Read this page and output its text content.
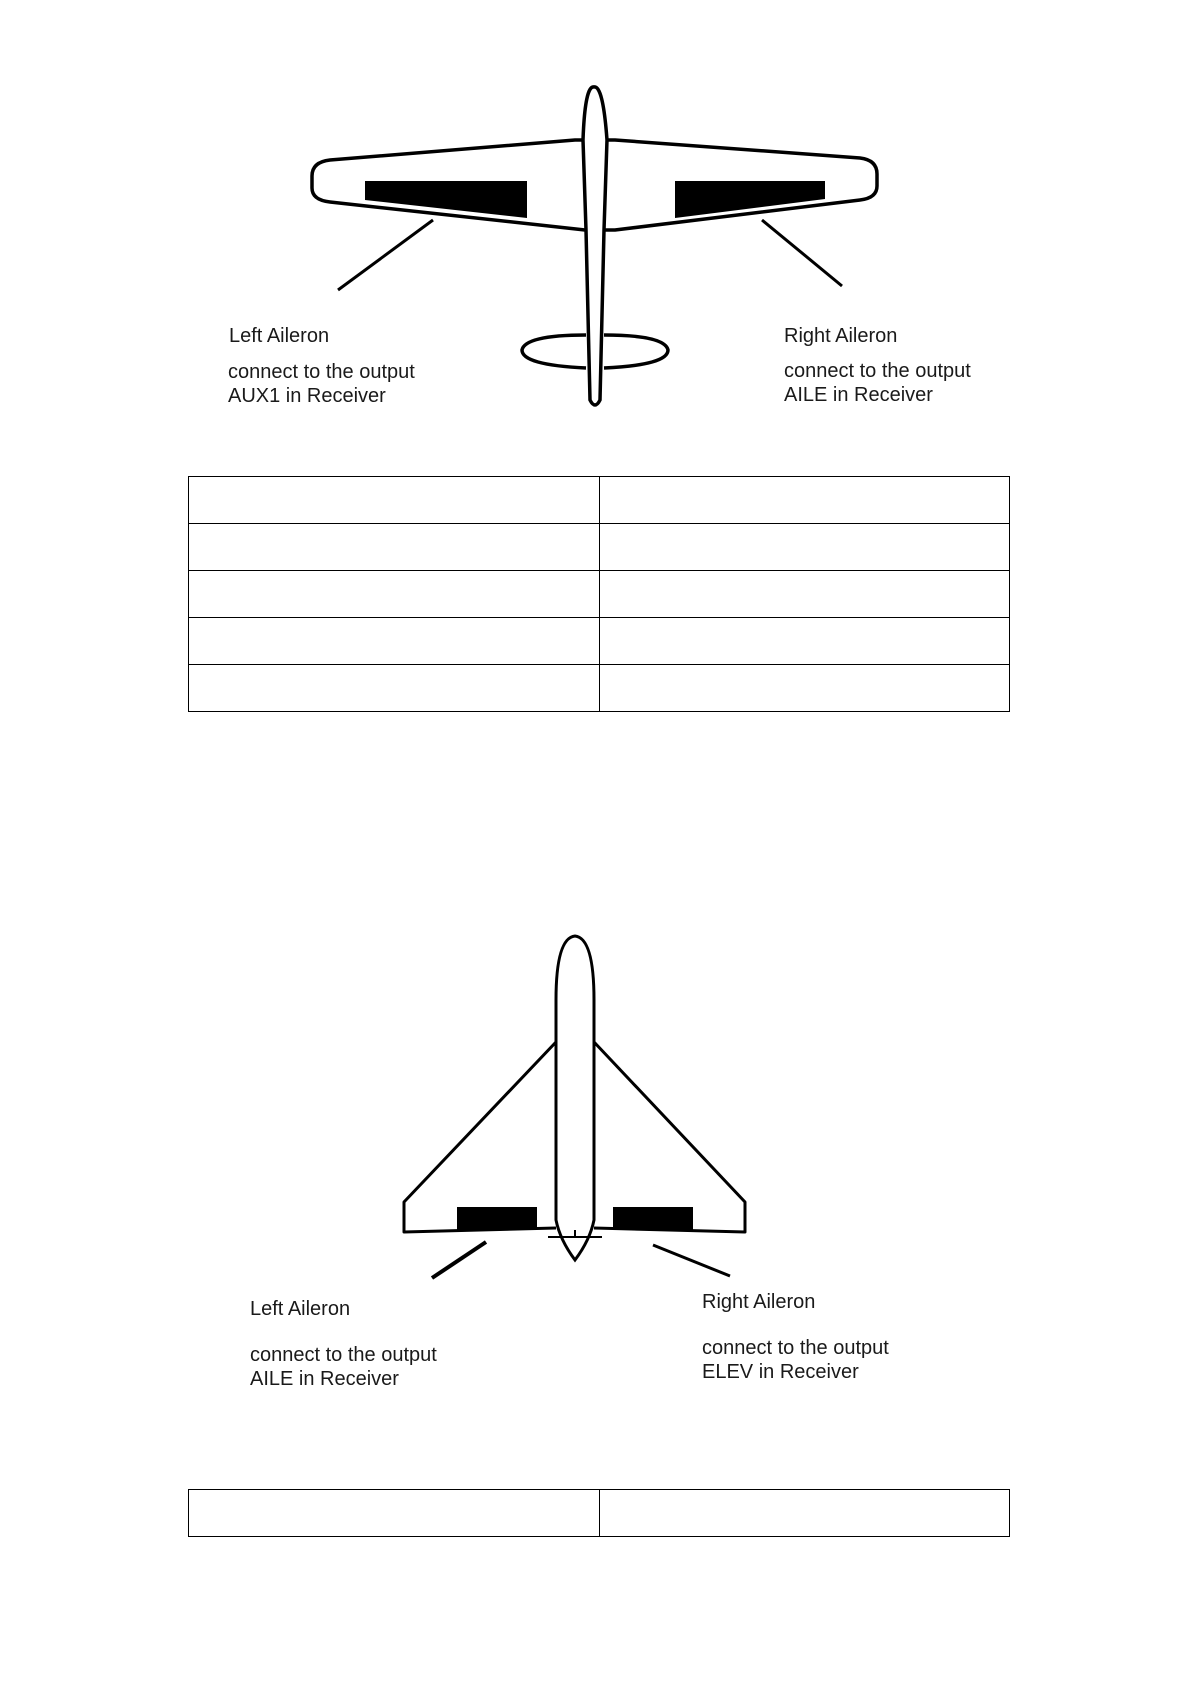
Left Aileron
connect to the output
AUX1 in Receiver
Right Aileron
connect to the output
AILE in Receiver

Left Aileron
connect to the output
AILE in Receiver
Right Aileron
connect to the output
ELEV in Receiver
